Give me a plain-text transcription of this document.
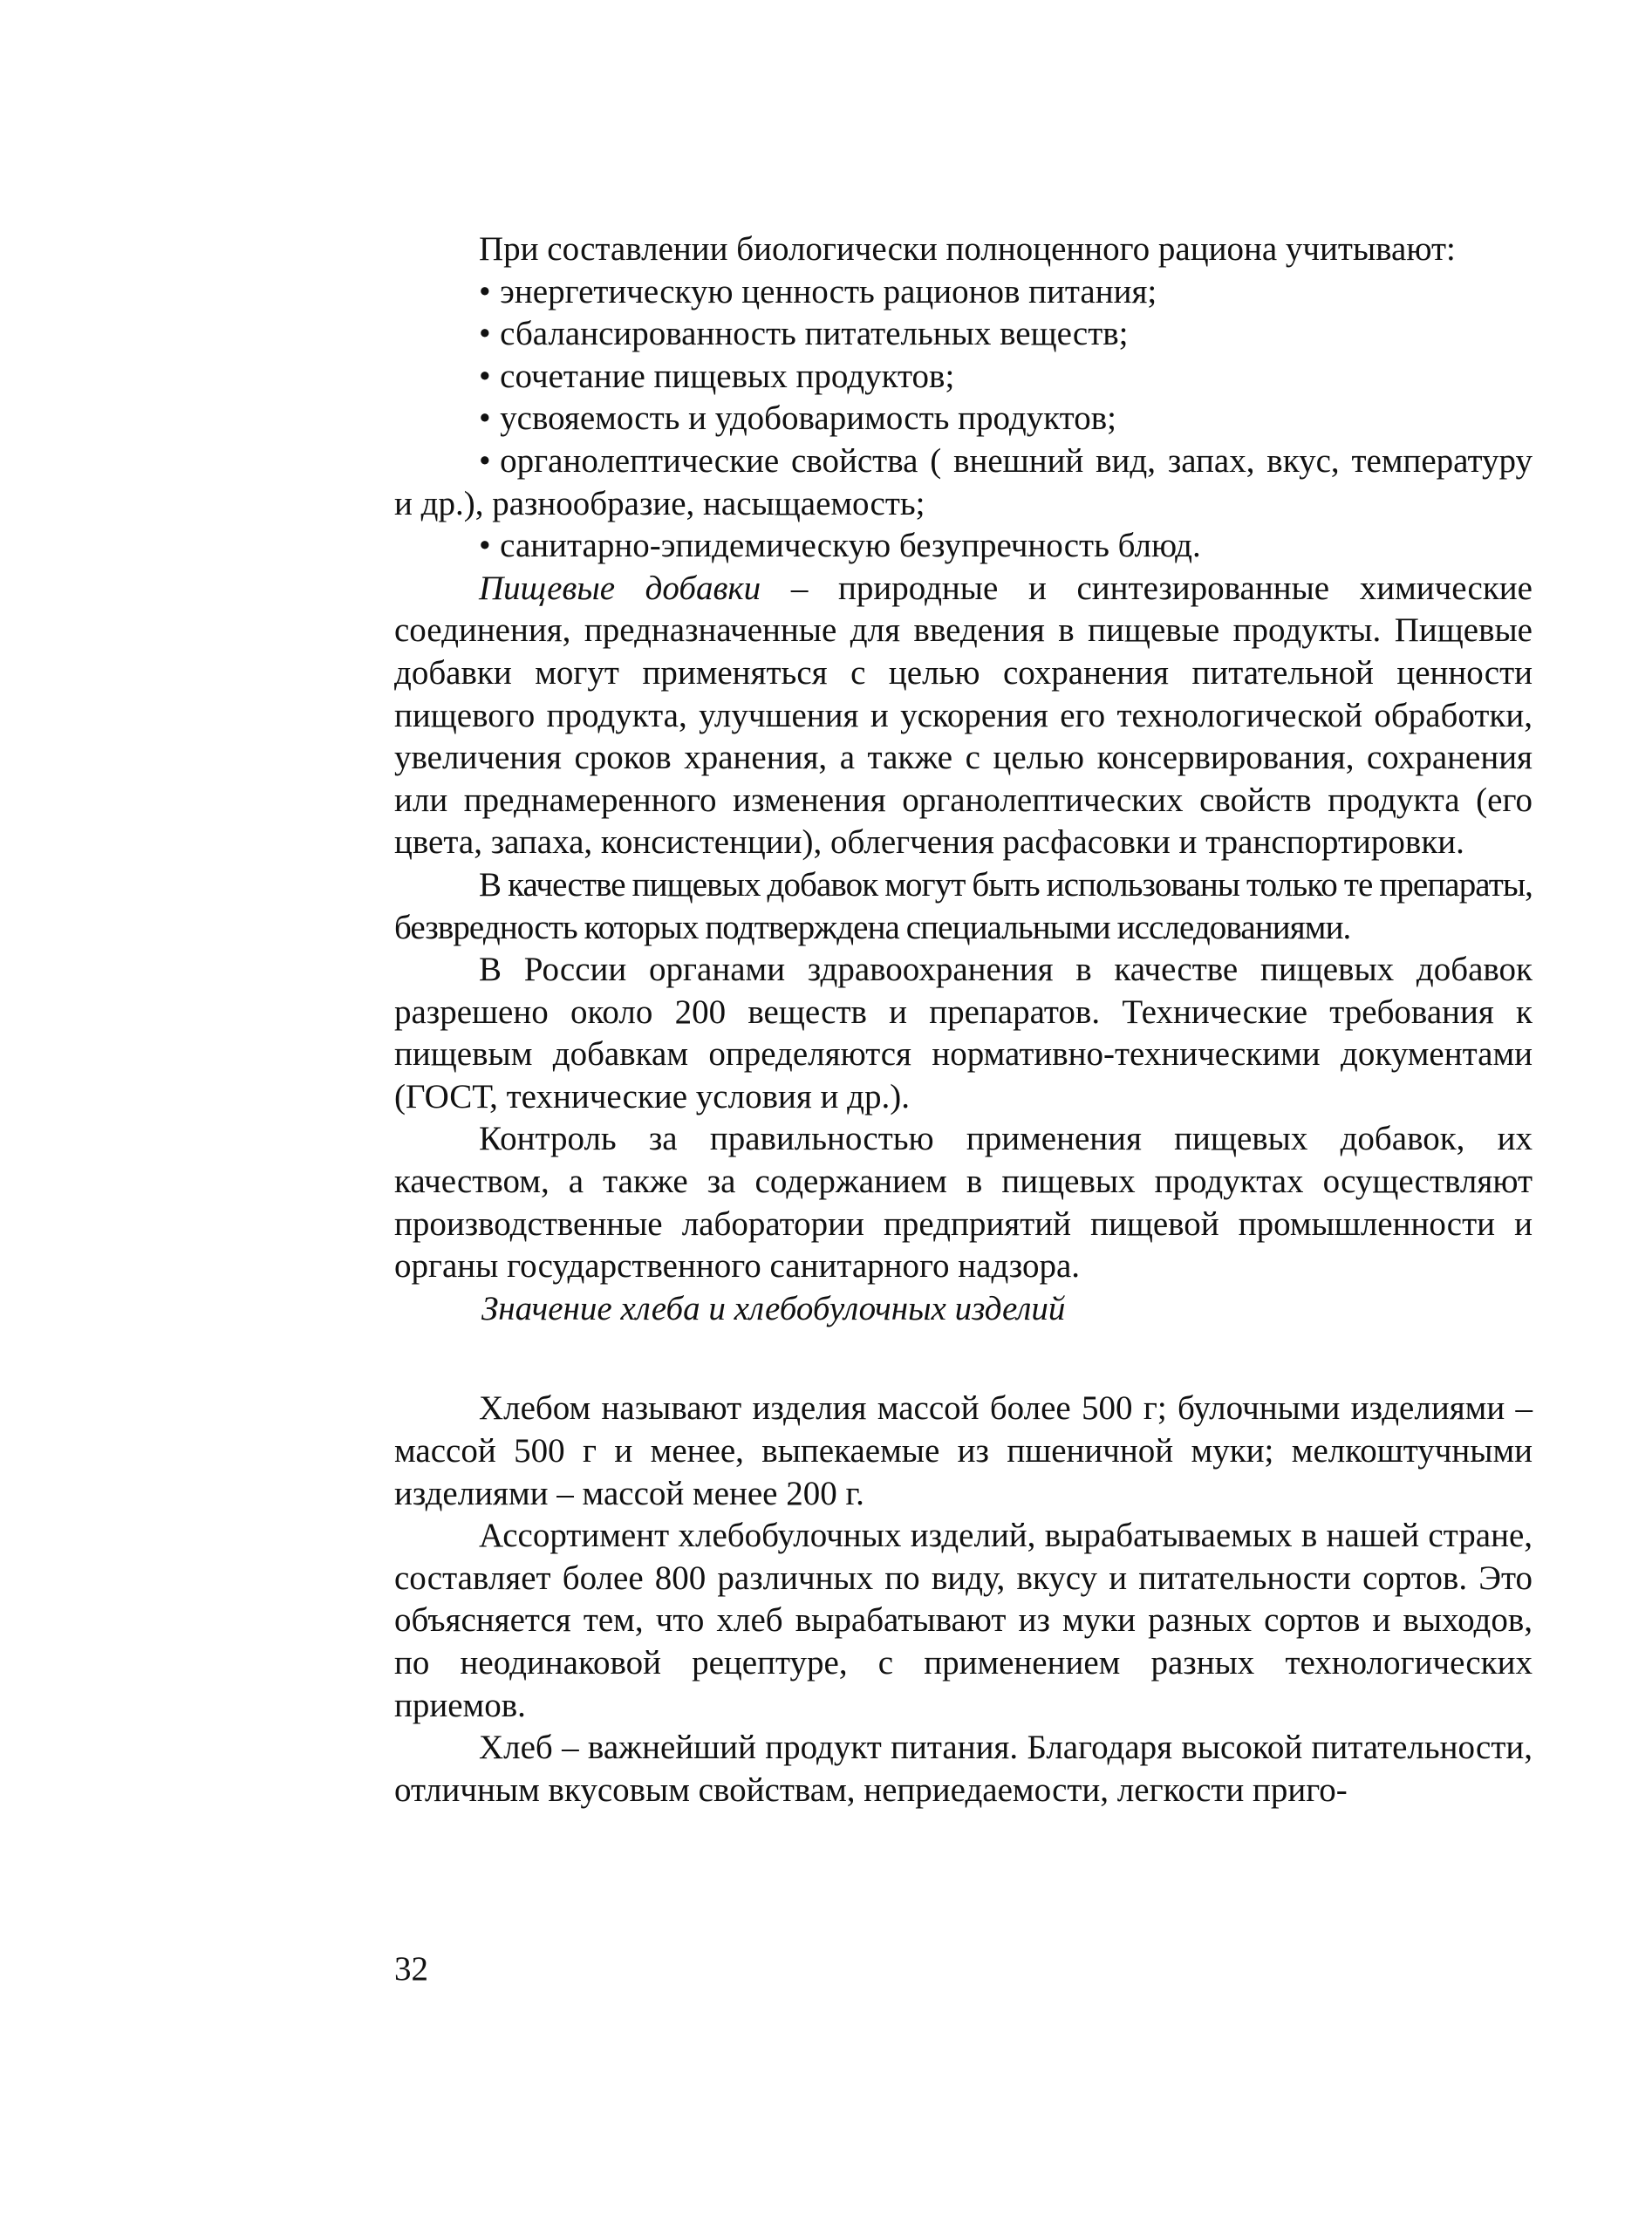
При составлении биологически полноценного рациона учитывают:

• энергетическую ценность рационов питания;

• сбалансированность питательных веществ;

• сочетание пищевых продуктов;

• усвояемость и удобоваримость продуктов;

• органолептические свойства ( внешний вид, запах, вкус, температуру и др.), разнообразие, насыщаемость;

• санитарно-эпидемическую безупречность блюд.

Пищевые добавки – природные и синтезированные химические соединения, предназначенные для введения в пищевые продукты. Пищевые добавки могут применяться с целью сохранения питательной ценности пищевого продукта, улучшения и ускорения его технологической обработки, увеличения сроков хранения, а также с целью консервирования, сохранения или преднамеренного изменения органолептических свойств продукта (его цвета, запаха, консистенции), облегчения расфасовки и транспортировки.

В качестве пищевых добавок могут быть использованы только те препараты, безвредность которых подтверждена специальными исследованиями.

В России органами здравоохранения в качестве пищевых добавок разрешено около 200 веществ и препаратов. Технические требования к пищевым добавкам определяются нормативно-техническими документами (ГОСТ, технические условия и др.).

Контроль за правильностью применения пищевых добавок, их качеством, а также за содержанием в пищевых продуктах осуществляют производственные лаборатории предприятий пищевой промышленности и органы государственного санитарного надзора.

Значение хлеба и хлебобулочных изделий

Хлебом называют изделия массой более 500 г; булочными изделиями – массой 500 г и менее, выпекаемые из пшеничной муки; мелкоштучными изделиями – массой менее 200 г.

Ассортимент хлебобулочных изделий, вырабатываемых в нашей стране, составляет более 800 различных по виду, вкусу и питательности сортов. Это объясняется тем, что хлеб вырабатывают из муки разных сортов и выходов, по неодинаковой рецептуре, с применением разных технологических приемов.

Хлеб – важнейший продукт питания. Благодаря высокой питательности, отличным вкусовым свойствам, неприедаемости, легкости приго-

32
